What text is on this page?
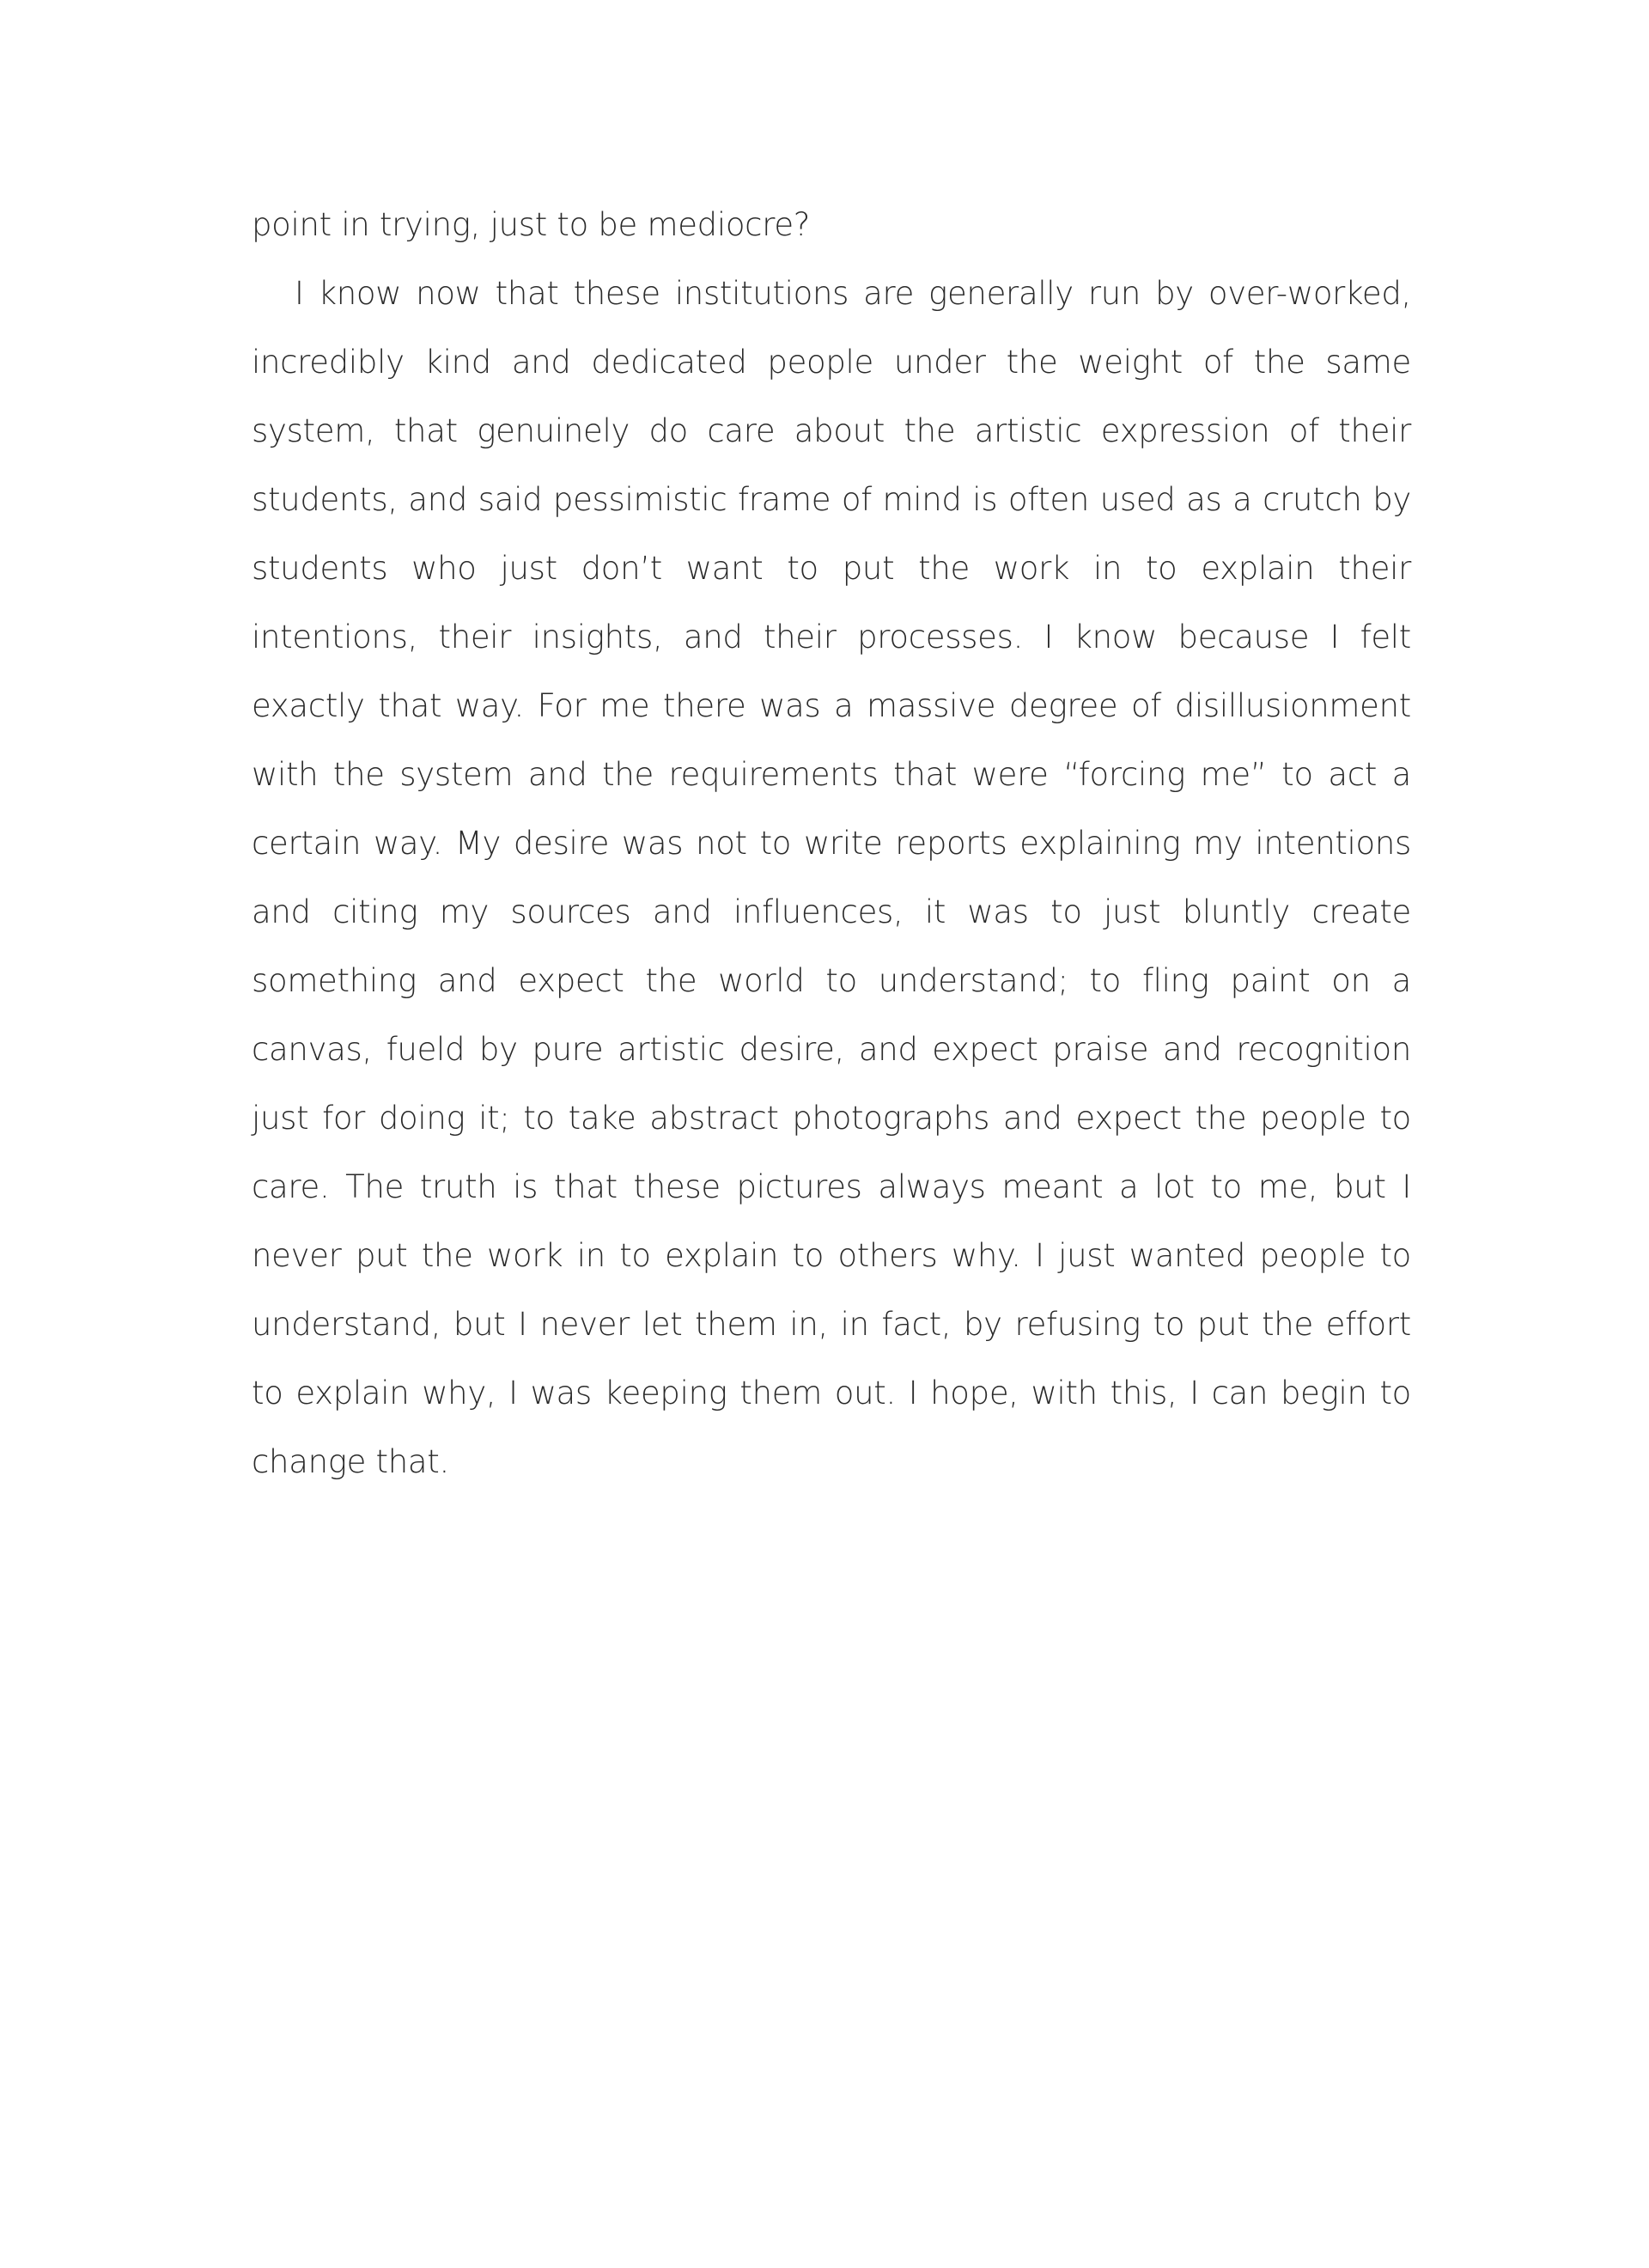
point in trying, just to be mediocre?

I know now that these institutions are generally run by over-worked, incredibly kind and dedicated people under the weight of the same system, that genuinely do care about the artistic expression of their students, and said pessimistic frame of mind is often used as a crutch by students who just don’t want to put the work in to explain their intentions, their insights, and their processes. I know because I felt exactly that way. For me there was a massive degree of disillusionment with the system and the requirements that were “forcing me” to act a certain way. My desire was not to write reports explaining my intentions and citing my sources and influences, it was to just bluntly create something and expect the world to understand; to fling paint on a canvas, fueld by pure artistic desire, and expect praise and recognition just for doing it; to take abstract photographs and expect the people to care. The truth is that these pictures always meant a lot to me, but I never put the work in to explain to others why. I just wanted people to understand, but I never let them in, in fact, by refusing to put the effort to explain why, I was keeping them out. I hope, with this, I can begin to change that.
